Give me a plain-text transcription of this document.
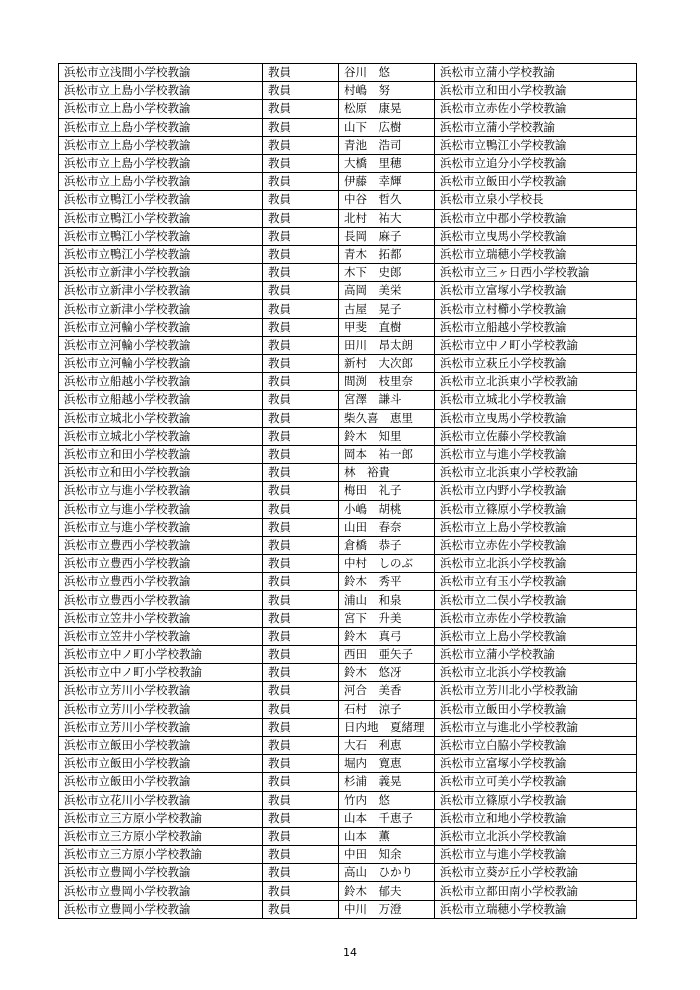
浜松市立浅間小学校教諭	教員	谷川　悠	浜松市立蒲小学校教諭
浜松市立上島小学校教諭	教員	村嶋　努	浜松市立和田小学校教諭
浜松市立上島小学校教諭	教員	松原　康晃	浜松市立赤佐小学校教諭
浜松市立上島小学校教諭	教員	山下　広樹	浜松市立蒲小学校教諭
浜松市立上島小学校教諭	教員	青池　浩司	浜松市立鴨江小学校教諭
浜松市立上島小学校教諭	教員	大橋　里穂	浜松市立追分小学校教諭
浜松市立上島小学校教諭	教員	伊藤　幸輝	浜松市立飯田小学校教諭
浜松市立鴨江小学校教諭	教員	中谷　哲久	浜松市立泉小学校長
浜松市立鴨江小学校教諭	教員	北村　祐大	浜松市立中郡小学校教諭
浜松市立鴨江小学校教諭	教員	長岡　麻子	浜松市立曳馬小学校教諭
浜松市立鴨江小学校教諭	教員	青木　拓都	浜松市立瑞穂小学校教諭
浜松市立新津小学校教諭	教員	木下　史郎	浜松市立三ヶ日西小学校教諭
浜松市立新津小学校教諭	教員	高岡　美栄	浜松市立富塚小学校教諭
浜松市立新津小学校教諭	教員	古屋　晃子	浜松市立村櫛小学校教諭
浜松市立河輪小学校教諭	教員	甲斐　直樹	浜松市立船越小学校教諭
浜松市立河輪小学校教諭	教員	田川　昂太朗	浜松市立中ノ町小学校教諭
浜松市立河輪小学校教諭	教員	新村　大次郎	浜松市立萩丘小学校教諭
浜松市立船越小学校教諭	教員	間渕　枝里奈	浜松市立北浜東小学校教諭
浜松市立船越小学校教諭	教員	宮澤　謙斗	浜松市立城北小学校教諭
浜松市立城北小学校教諭	教員	柴久喜　恵里	浜松市立曳馬小学校教諭
浜松市立城北小学校教諭	教員	鈴木　知里	浜松市立佐藤小学校教諭
浜松市立和田小学校教諭	教員	岡本　祐一郎	浜松市立与進小学校教諭
浜松市立和田小学校教諭	教員	林　裕貴	浜松市立北浜東小学校教諭
浜松市立与進小学校教諭	教員	梅田　礼子	浜松市立内野小学校教諭
浜松市立与進小学校教諭	教員	小嶋　胡桃	浜松市立篠原小学校教諭
浜松市立与進小学校教諭	教員	山田　春奈	浜松市立上島小学校教諭
浜松市立豊西小学校教諭	教員	倉橋　恭子	浜松市立赤佐小学校教諭
浜松市立豊西小学校教諭	教員	中村　しのぶ	浜松市立北浜小学校教諭
浜松市立豊西小学校教諭	教員	鈴木　秀平	浜松市立有玉小学校教諭
浜松市立豊西小学校教諭	教員	浦山　和泉	浜松市立二俣小学校教諭
浜松市立笠井小学校教諭	教員	宮下　升美	浜松市立赤佐小学校教諭
浜松市立笠井小学校教諭	教員	鈴木　真弓	浜松市立上島小学校教諭
浜松市立中ノ町小学校教諭	教員	西田　亜矢子	浜松市立蒲小学校教諭
浜松市立中ノ町小学校教諭	教員	鈴木　悠冴	浜松市立北浜小学校教諭
浜松市立芳川小学校教諭	教員	河合　美香	浜松市立芳川北小学校教諭
浜松市立芳川小学校教諭	教員	石村　涼子	浜松市立飯田小学校教諭
浜松市立芳川小学校教諭	教員	日内地　夏緒理	浜松市立与進北小学校教諭
浜松市立飯田小学校教諭	教員	大石　利恵	浜松市立白脇小学校教諭
浜松市立飯田小学校教諭	教員	堀内　寛恵	浜松市立富塚小学校教諭
浜松市立飯田小学校教諭	教員	杉浦　義晃	浜松市立可美小学校教諭
浜松市立花川小学校教諭	教員	竹内　悠	浜松市立篠原小学校教諭
浜松市立三方原小学校教諭	教員	山本　千恵子	浜松市立和地小学校教諭
浜松市立三方原小学校教諭	教員	山本　薫	浜松市立北浜小学校教諭
浜松市立三方原小学校教諭	教員	中田　知余	浜松市立与進小学校教諭
浜松市立豊岡小学校教諭	教員	高山　ひかり	浜松市立葵が丘小学校教諭
浜松市立豊岡小学校教諭	教員	鈴木　郁夫	浜松市立都田南小学校教諭
浜松市立豊岡小学校教諭	教員	中川　万澄	浜松市立瑞穂小学校教諭
14
